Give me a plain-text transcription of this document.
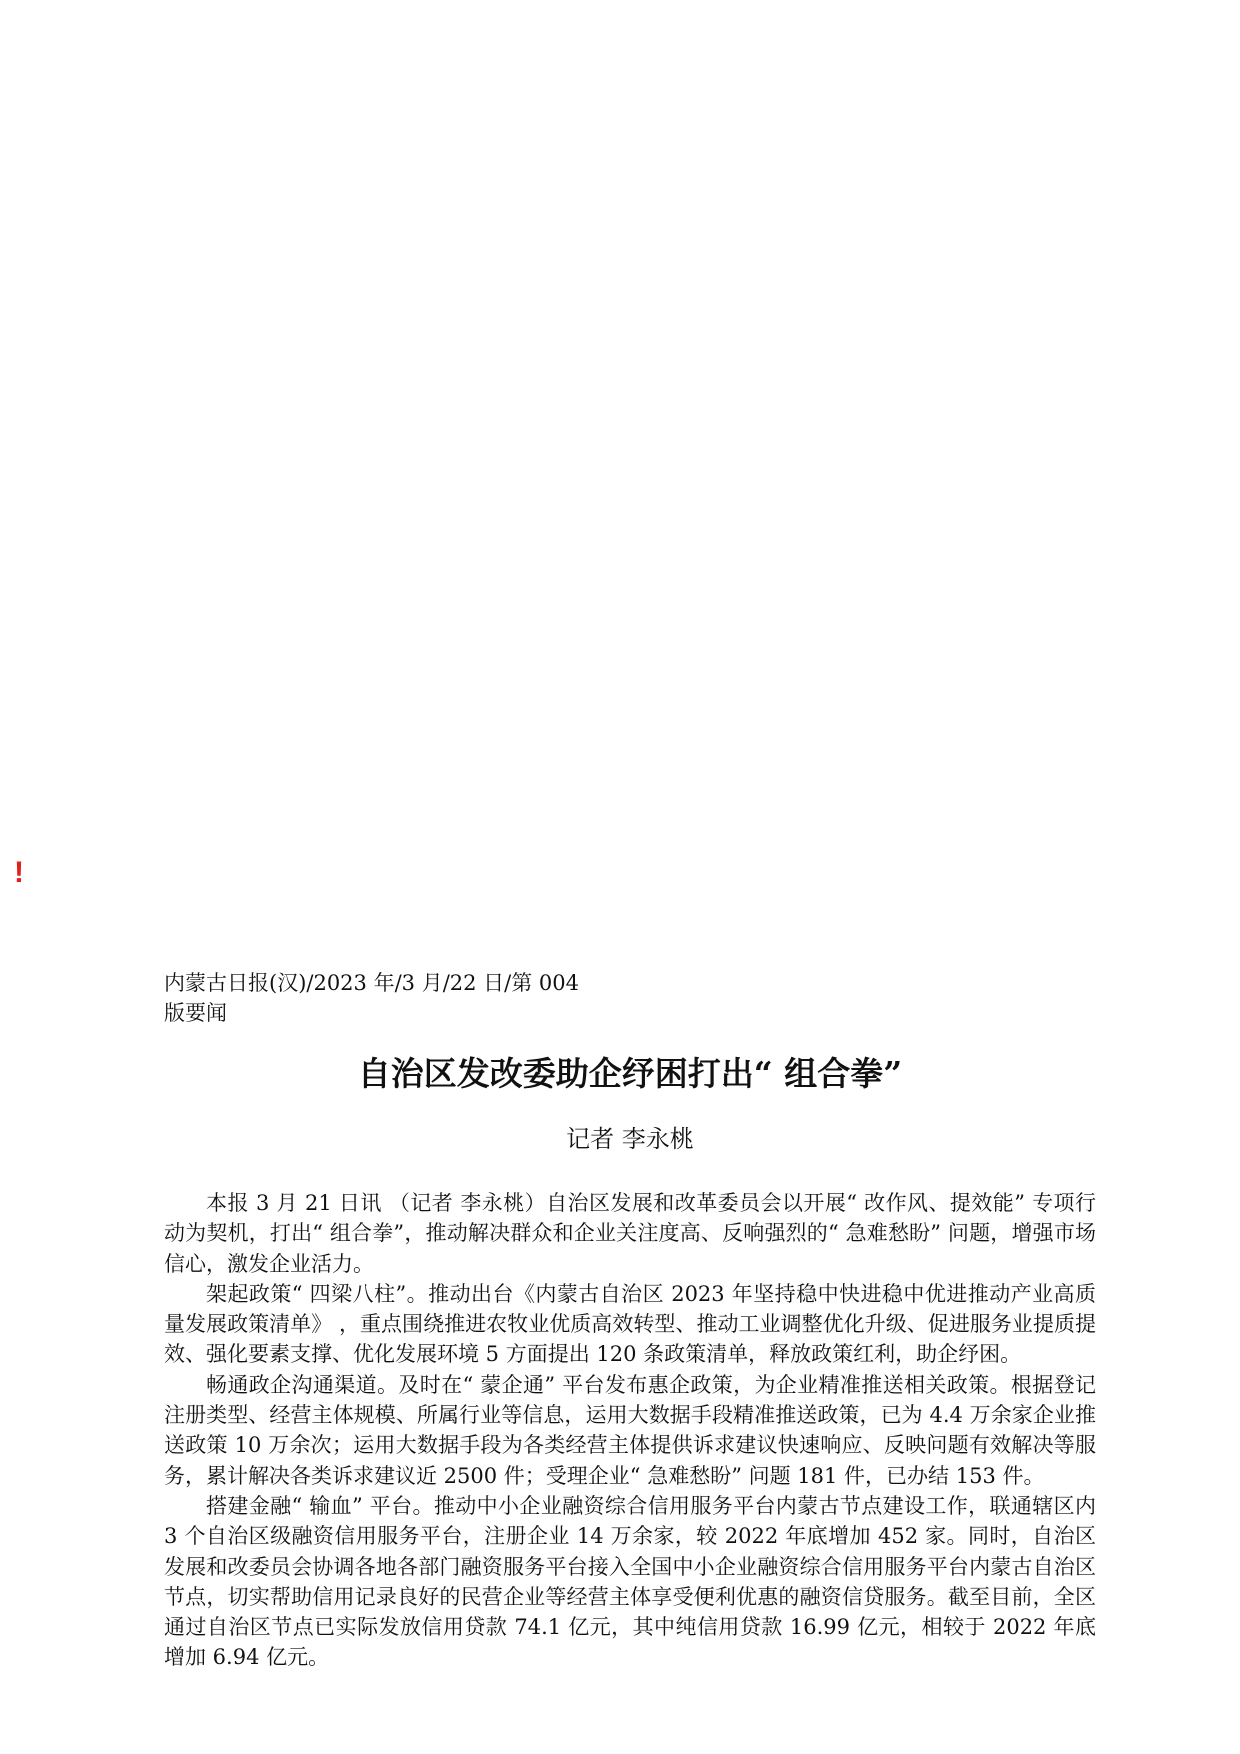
!
内蒙古日报(汉)/2023 年/3 月/22 日/第 004 版要闻
自治区发改委助企纾困打出“ 组合拳”
记者 李永桃

本报 3 月 21 日讯 （记者 李永桃）自治区发展和改革委员会以开展“ 改作风、提效能” 专项行动为契机，打出“ 组合拳”，推动解决群众和企业关注度高、反响强烈的“ 急难愁盼” 问题，增强市场信心，激发企业活力。

架起政策“ 四梁八柱”。推动出台《内蒙古自治区 2023 年坚持稳中快进稳中优进推动产业高质量发展政策清单》 ，重点围绕推进农牧业优质高效转型、推动工业调整优化升级、促进服务业提质提效、强化要素支撑、优化发展环境 5 方面提出 120 条政策清单，释放政策红利，助企纾困。

畅通政企沟通渠道。及时在“ 蒙企通” 平台发布惠企政策，为企业精准推送相关政策。根据登记注册类型、经营主体规模、所属行业等信息，运用大数据手段精准推送政策，已为 4.4 万余家企业推送政策 10 万余次；运用大数据手段为各类经营主体提供诉求建议快速响应、反映问题有效解决等服务，累计解决各类诉求建议近 2500 件；受理企业“ 急难愁盼” 问题 181 件，已办结 153 件。

搭建金融“ 输血” 平台。推动中小企业融资综合信用服务平台内蒙古节点建设工作，联通辖区内 3 个自治区级融资信用服务平台，注册企业 14 万余家，较 2022 年底增加 452 家。同时，自治区发展和改委员会协调各地各部门融资服务平台接入全国中小企业融资综合信用服务平台内蒙古自治区节点，切实帮助信用记录良好的民营企业等经营主体享受便利优惠的融资信贷服务。截至目前，全区通过自治区节点已实际发放信用贷款 74.1 亿元，其中纯信用贷款 16.99 亿元，相较于 2022 年底增加 6.94 亿元。
